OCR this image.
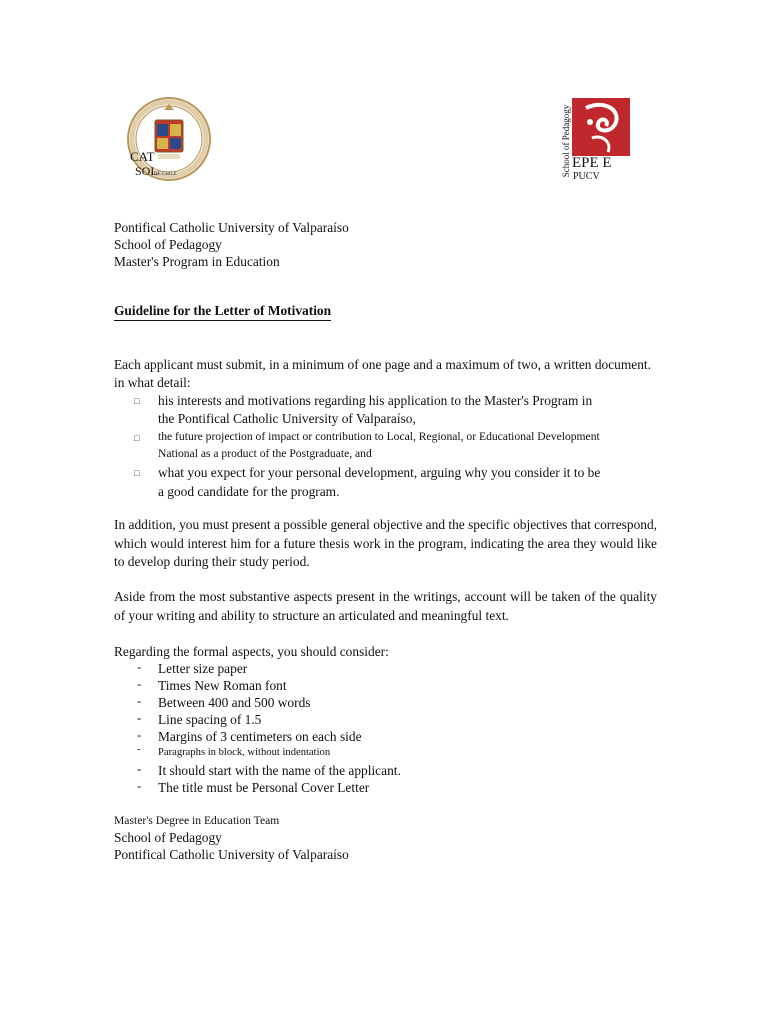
CAT
SOL
DE CHILE	School of Pedagogy EPE E
PUCV
Pontifical Catholic University of Valparaíso
School of Pedagogy
Master's Program in Education
Guideline for the Letter of Motivation
Each applicant must submit, in a minimum of one page and a maximum of two, a written document.
in what detail:
□ his interests and motivations regarding his application to the Master's Program in
the Pontifical Catholic University of Valparaíso,
□ the future projection of impact or contribution to Local, Regional, or Educational Development
National as a product of the Postgraduate, and
□ what you expect for your personal development, arguing why you consider it to be
a good candidate for the program.

In addition, you must present a possible general objective and the specific objectives that correspond, which would interest him for a future thesis work in the program, indicating the area they would like to develop during their study period.

Aside from the most substantive aspects present in the writings, account will be taken of the quality of your writing and ability to structure an articulated and meaningful text.

Regarding the formal aspects, you should consider:
- Letter size paper
- Times New Roman font
- Between 400 and 500 words
- Line spacing of 1.5
- Margins of 3 centimeters on each side
- Paragraphs in block, without indentation
- It should start with the name of the applicant.
- The title must be Personal Cover Letter
Master's Degree in Education Team
School of Pedagogy
Pontifical Catholic University of Valparaíso
